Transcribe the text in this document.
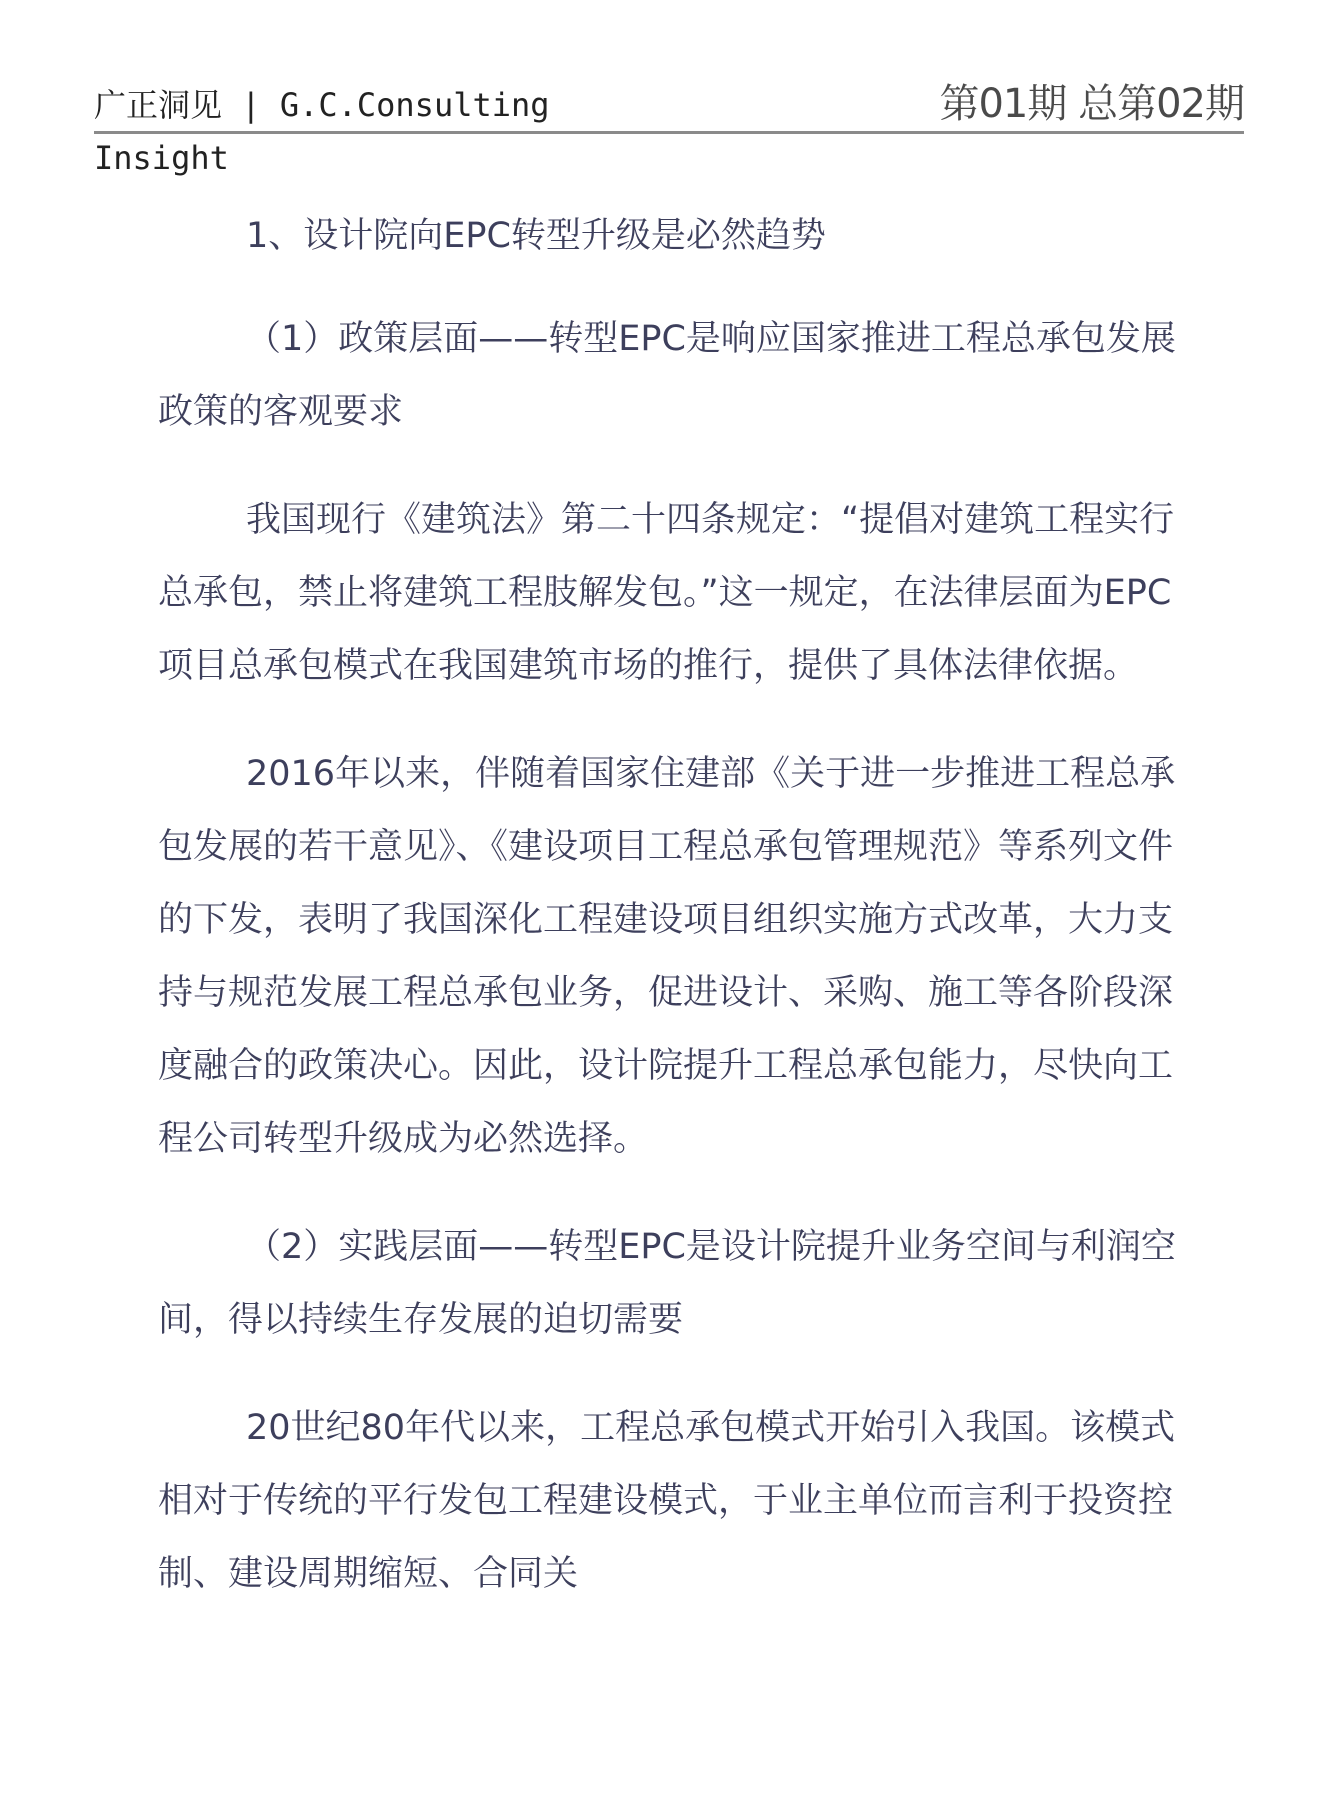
广正洞见 | G.C.Consulting	第01期 总第02期
Insight

1、设计院向EPC转型升级是必然趋势

（1）政策层面——转型EPC是响应国家推进工程总承包发展政策的客观要求

我国现行《建筑法》第二十四条规定：“提倡对建筑工程实行总承包，禁止将建筑工程肢解发包。”这一规定，在法律层面为EPC项目总承包模式在我国建筑市场的推行，提供了具体法律依据。

2016年以来，伴随着国家住建部《关于进一步推进工程总承包发展的若干意见》、《建设项目工程总承包管理规范》等系列文件的下发，表明了我国深化工程建设项目组织实施方式改革，大力支持与规范发展工程总承包业务，促进设计、采购、施工等各阶段深度融合的政策决心。因此，设计院提升工程总承包能力，尽快向工程公司转型升级成为必然选择。

（2）实践层面——转型EPC是设计院提升业务空间与利润空间，得以持续生存发展的迫切需要

20世纪80年代以来，工程总承包模式开始引入我国。该模式相对于传统的平行发包工程建设模式，于业主单位而言利于投资控制、建设周期缩短、合同关
